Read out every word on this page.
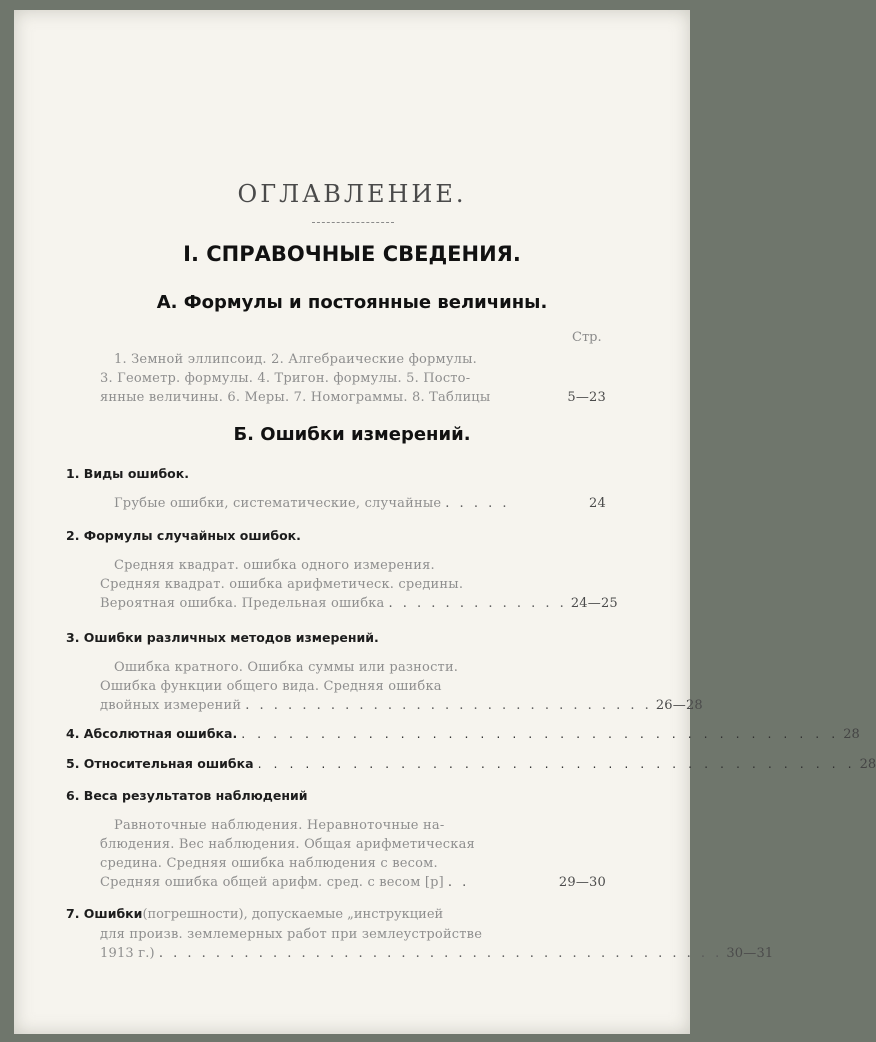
ОГЛАВЛЕНИЕ.
I. СПРАВОЧНЫЕ СВЕДЕНИЯ.
А. Формулы и постоянные величины.
Стр.
1. Земной эллипсоид. 2. Алгебраические формулы.
3. Геометр. формулы. 4. Тригон. формулы. 5. Посто-
янные величины. 6. Меры. 7. Номограммы. 8. Таблицы	5—23
Б. Ошибки измерений.
1. Виды ошибок.
Грубые ошибки, систематические, случайные . . . . .	24
2. Формулы случайных ошибок.
Средняя квадрат. ошибка одного измерения.
Средняя квадрат. ошибка арифметическ. средины.
Вероятная ошибка. Предельная ошибка . . . . . . . . . . . . . 24—25
3. Ошибки различных методов измерений.
Ошибка кратного. Ошибка суммы или разности.
Ошибка функции общего вида. Средняя ошибка
двойных измерений . . . . . . . . . . . . . . . . . . . . . . . . . . . . . 26—28
4. Абсолютная ошибка. . . . . . . . . . . . . . . . . . . . . . . . . . . . . . . . . . . . . . . 28
5. Относительная ошибка . . . . . . . . . . . . . . . . . . . . . . . . . . . . . . . . . . . . . . 28
6. Веса результатов наблюдений
Равноточные наблюдения. Неравноточные на-
блюдения. Вес наблюдения. Общая арифметическая
средина. Средняя ошибка наблюдения с весом.
Средняя ошибка общей арифм. сред. с весом [p] . .	29—30
7. Ошибки (погрешности), допускаемые „инструкцией
для произв. землемерных работ при землеустройстве
1913 г.) . . . . . . . . . . . . . . . . . . . . . . . . . . . . . . . . . . . . . . . . 30—31
